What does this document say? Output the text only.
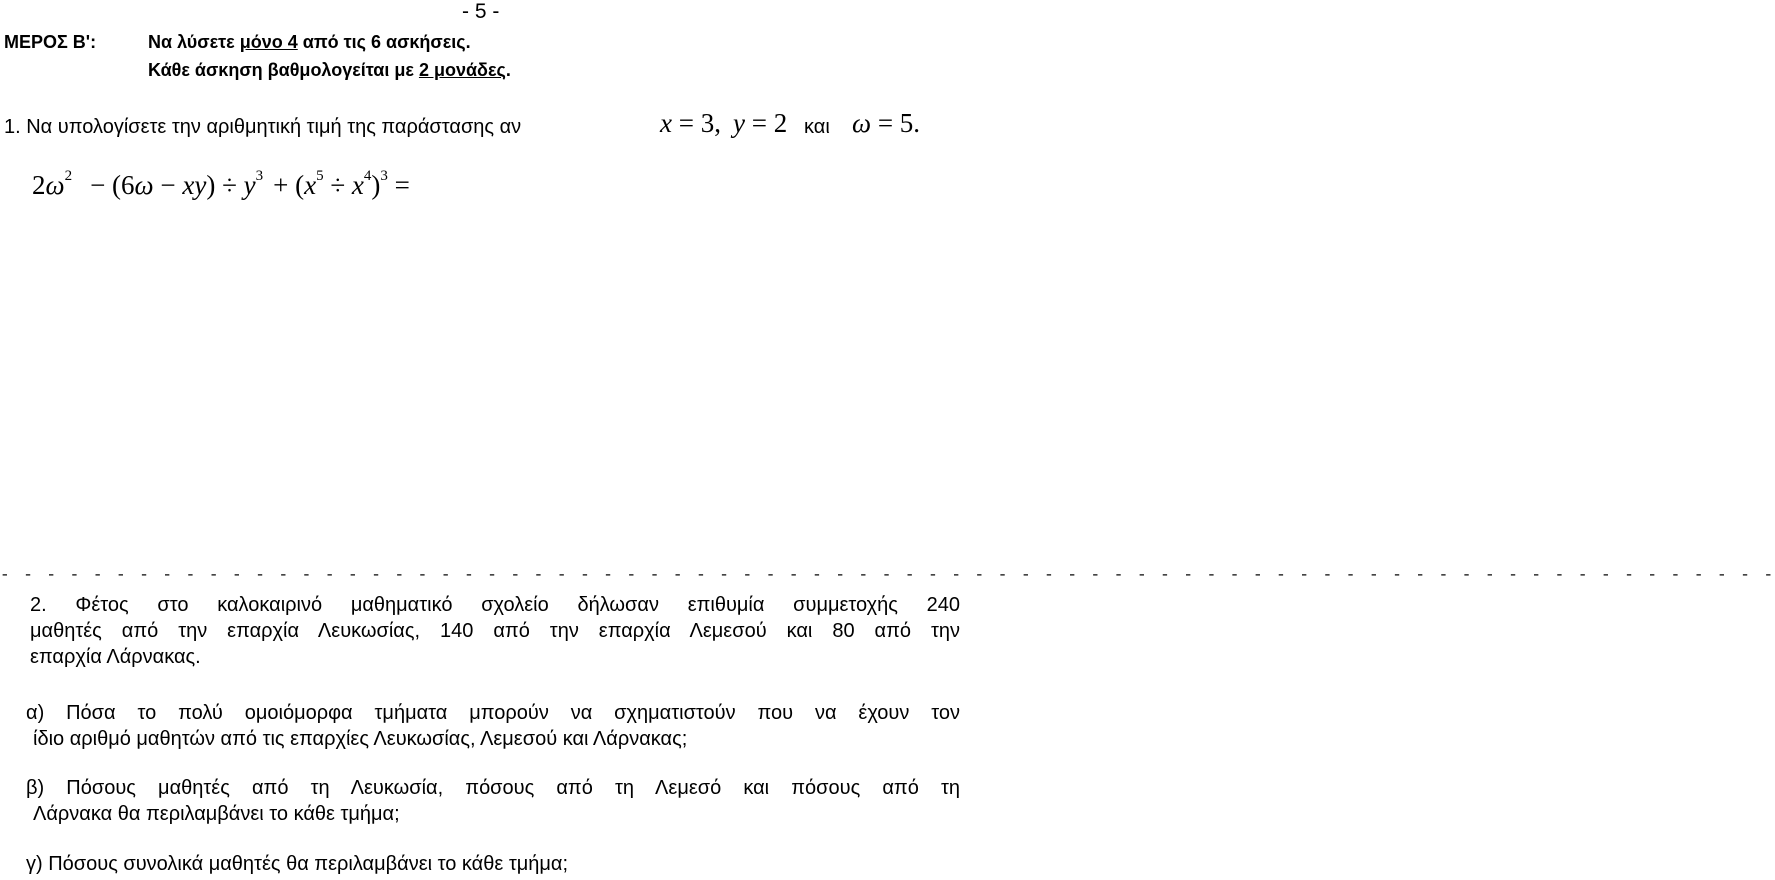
- 5 -
ΜΕΡΟΣ Β':	Να λύσετε μόνο 4 από τις 6 ασκήσεις.
Κάθε άσκηση βαθμολογείται με 2 μονάδες.
1. Να υπολογίσετε την αριθμητική τιμή της παράστασης αν	x = 3, y = 2 και ω = 5.
$2\omega^2 - (6\omega - xy) \div y^3 + (x^5 \div x^4)^3$ =
- - - - - - - - - - - - - - - - - - - - - - - - - - - - - - - - - - - - - - - - - - - - - - - - - - - - - - - - - - - - - - - - - - - - - - - - - - - - -
2. Φέτος στο καλοκαιρινό μαθηματικό σχολείο δήλωσαν επιθυμία συμμετοχής 240
μαθητές από την επαρχία Λευκωσίας, 140 από την επαρχία Λεμεσού και 80 από την
επαρχία Λάρνακας.
α) Πόσα το πολύ ομοιόμορφα τμήματα μπορούν να σχηματιστούν που να έχουν τον
ίδιο αριθμό μαθητών από τις επαρχίες Λευκωσίας, Λεμεσού και Λάρνακας;
β) Πόσους μαθητές από τη Λευκωσία, πόσους από τη Λεμεσό και πόσους από τη
Λάρνακα θα περιλαμβάνει το κάθε τμήμα;
γ) Πόσους συνολικά μαθητές θα περιλαμβάνει το κάθε τμήμα;
